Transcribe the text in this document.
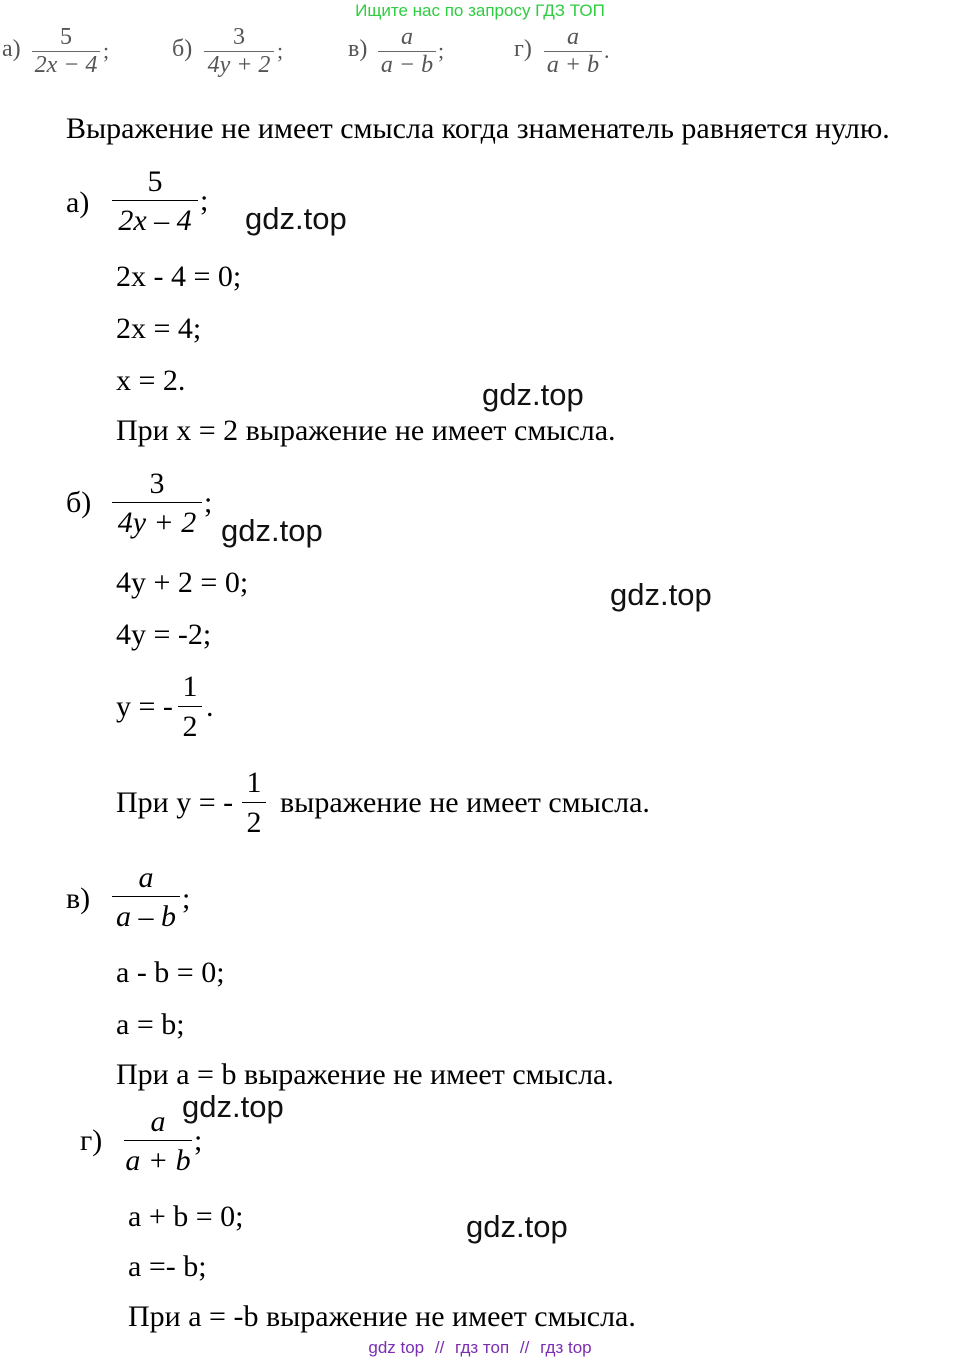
Ищите нас по запросу ГДЗ ТОП
а)	5
2x − 4
;	б)	3
4y + 2
;	в)	a
a − b
;	г)	a
a + b
.
Выражение не имеет смысла когда знаменатель равняется нулю.
а)
5
2x – 4
;
2x - 4 = 0;
2x = 4;
x = 2.
При x = 2 выражение не имеет смысла.
б)
3
4y + 2
;
4y + 2 = 0;
4y = -2;
y = -
1
2
.
При y = -
1
2
выражение не имеет смысла.
в)
a
a – b
;
a - b = 0;
a = b;
При a = b выражение не имеет смысла.
г)
a
a + b
;
a + b = 0;
a =- b;
При a = -b выражение не имеет смысла.
gdz.top
gdz.top
gdz.top
gdz.top
gdz.top
gdz.top
gdz top // гдз топ // гдз top
